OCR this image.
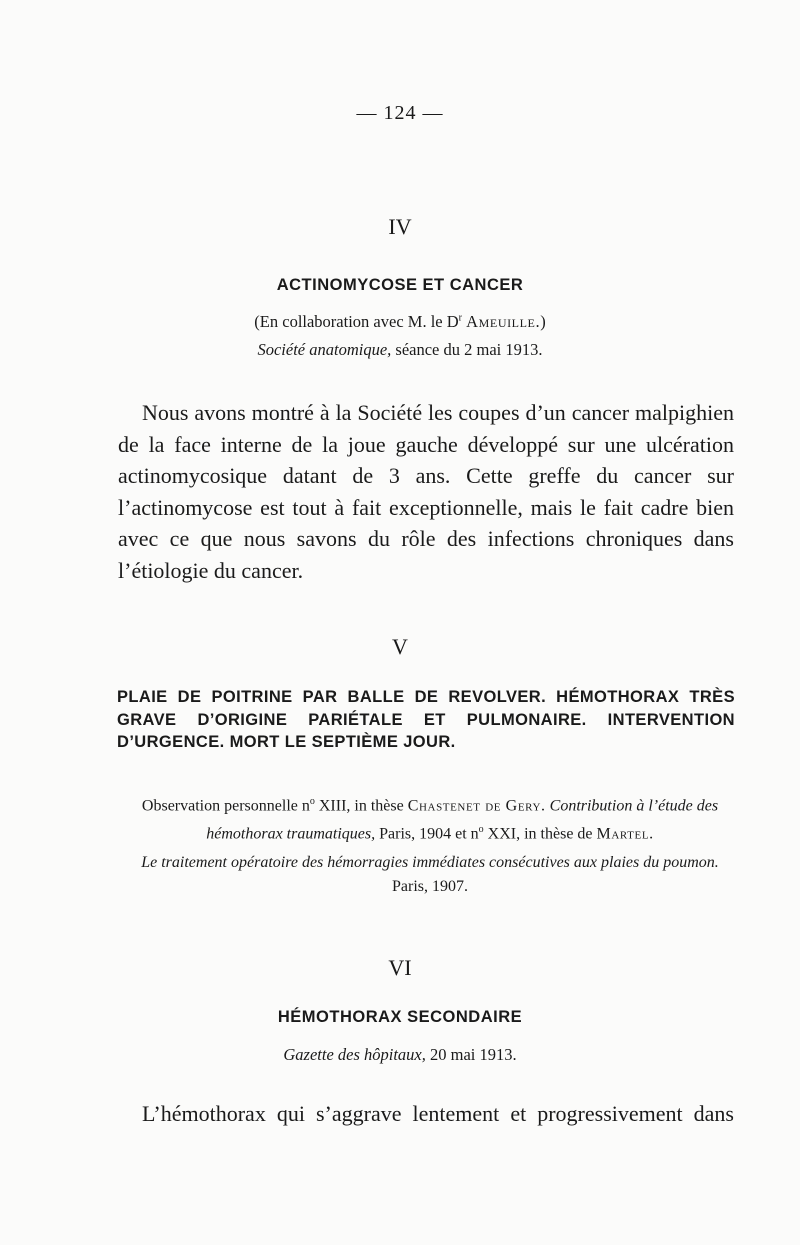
— 124 —
IV
ACTINOMYCOSE ET CANCER
(En collaboration avec M. le $D^r$ Ameuille.)
Société anatomique, séance du 2 mai 1913.

Nous avons montré à la Société les coupes d’un cancer malpighien de la face interne de la joue gauche développé sur une ulcération actinomycosique datant de 3 ans. Cette greffe du cancer sur l’actinomycose est tout à fait exceptionnelle, mais le fait cadre bien avec ce que nous savons du rôle des infections chroniques dans l’étiologie du cancer.

V
PLAIE DE POITRINE PAR BALLE DE REVOLVER. HÉMOTHORAX TRÈS GRAVE D’ORIGINE PARIÉTALE ET PULMONAIRE. INTERVENTION D’URGENCE. MORT LE SEPTIÈME JOUR.

Observation personnelle $n^o$ XIII, in thèse Chastenet de Gery. Contribution à l’étude des hémothorax traumatiques, Paris, 1904 et $n^o$ XXI, in thèse de Martel.

Le traitement opératoire des hémorragies immédiates consécutives aux plaies du poumon.
Paris, 1907.

VI
HÉMOTHORAX SECONDAIRE
Gazette des hôpitaux, 20 mai 1913.

L’hémothorax qui s’aggrave lentement et progressivement dans
